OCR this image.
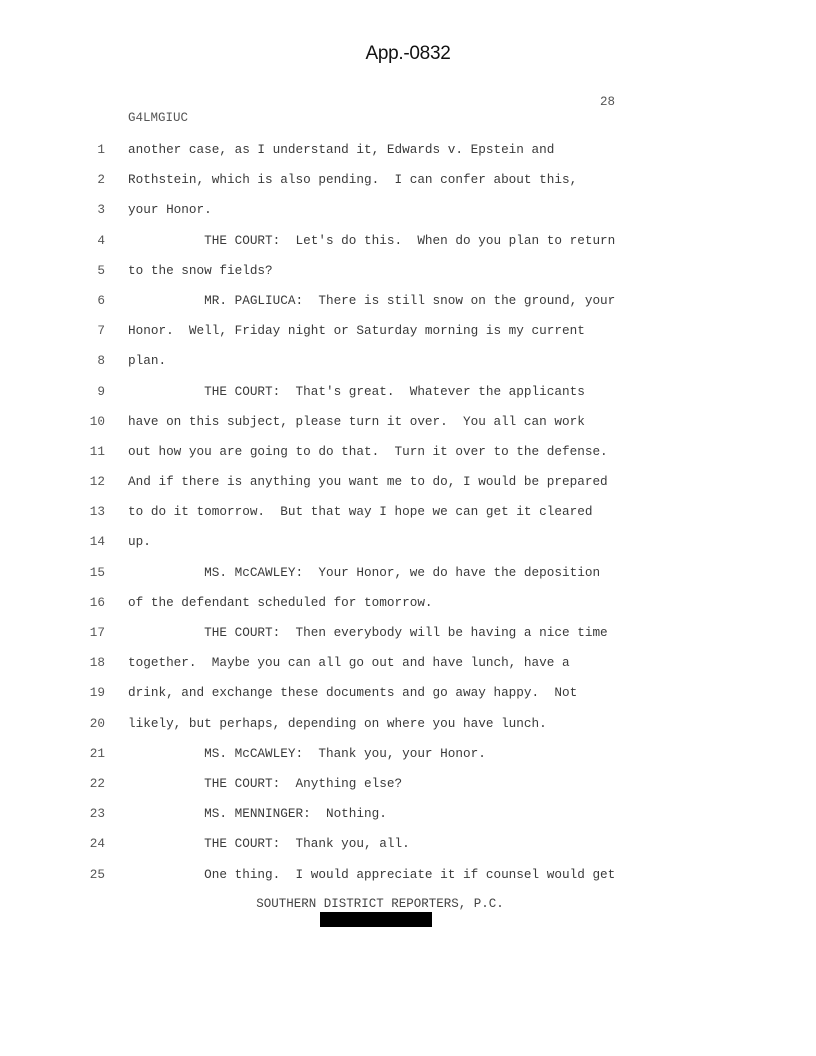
App.-0832
28
G4LMGIUC
1 another case, as I understand it, Edwards v. Epstein and
2 Rothstein, which is also pending.  I can confer about this,
3 your Honor.
4 THE COURT:  Let's do this.  When do you plan to return
5 to the snow fields?
6 MR. PAGLIUCA:  There is still snow on the ground, your
7 Honor.  Well, Friday night or Saturday morning is my current
8 plan.
9 THE COURT:  That's great.  Whatever the applicants
10 have on this subject, please turn it over.  You all can work
11 out how you are going to do that.  Turn it over to the defense.
12 And if there is anything you want me to do, I would be prepared
13 to do it tomorrow.  But that way I hope we can get it cleared
14 up.
15 MS. McCAWLEY:  Your Honor, we do have the deposition
16 of the defendant scheduled for tomorrow.
17 THE COURT:  Then everybody will be having a nice time
18 together.  Maybe you can all go out and have lunch, have a
19 drink, and exchange these documents and go away happy.  Not
20 likely, but perhaps, depending on where you have lunch.
21 MS. McCAWLEY:  Thank you, your Honor.
22 THE COURT:  Anything else?
23 MS. MENNINGER:  Nothing.
24 THE COURT:  Thank you, all.
25 One thing.  I would appreciate it if counsel would get
SOUTHERN DISTRICT REPORTERS, P.C.
